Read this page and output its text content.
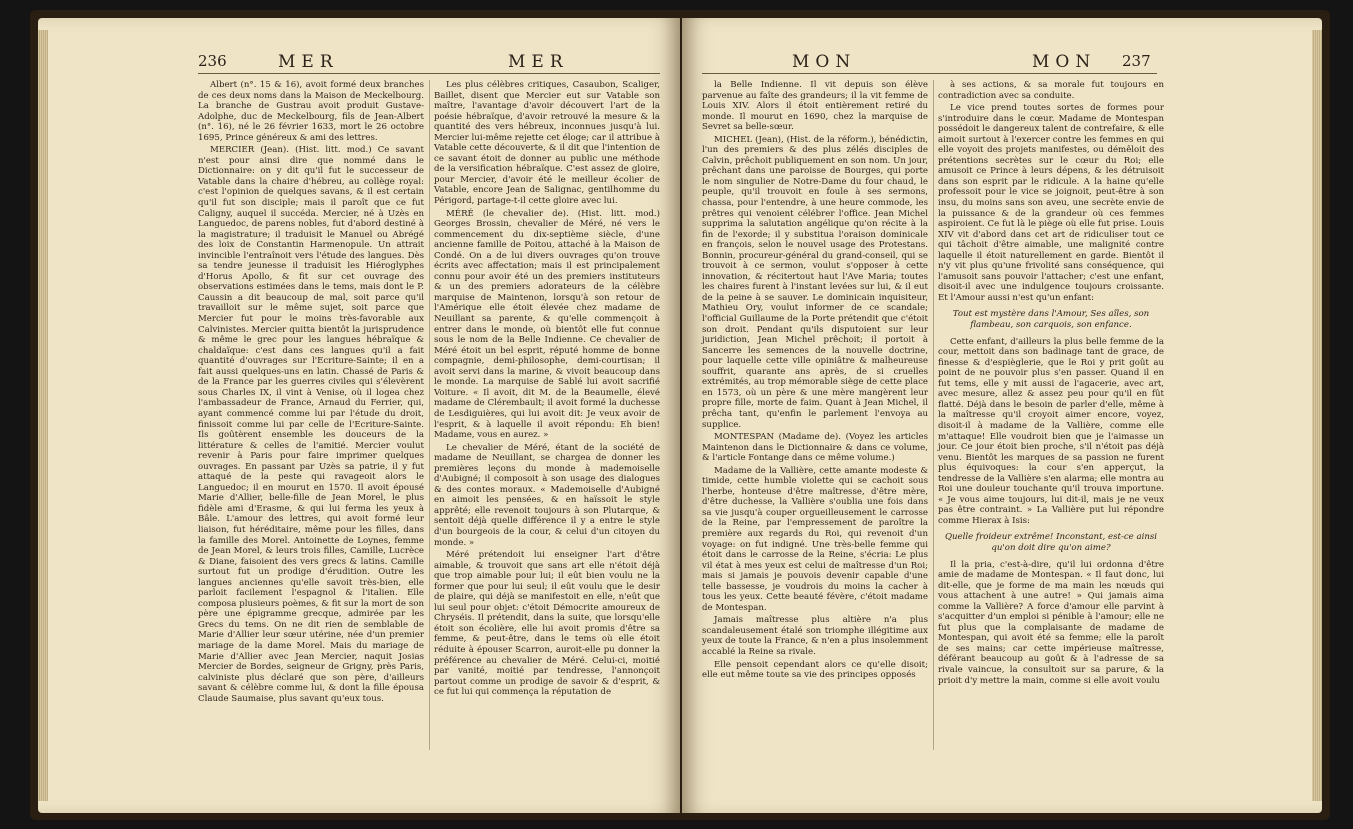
236	MER	MER

Albert (n°. 15 & 16), avoit formé deux branches de ces deux noms dans la Maison de Meckelbourg. La branche de Gustrau avoit produit Gustave-Adolphe, duc de Meckelbourg, fils de Jean-Albert (n°. 16), né le 26 février 1633, mort le 26 octobre 1695, Prince généreux & ami des lettres.

MERCIER (Jean). (Hist. litt. mod.) Ce savant n'est pour ainsi dire que nommé dans le Dictionnaire: on y dit qu'il fut le successeur de Vatable dans la chaire d'hébreu, au collège royal: c'est l'opinion de quelques savans, & il est certain qu'il fut son disciple; mais il paroît que ce fut Caligny, auquel il succéda. Mercier, né à Uzès en Languedoc, de parens nobles, fut d'abord destiné à la magistrature; il traduisit le Manuel ou Abrégé des loix de Constantin Harmenopule. Un attrait invincible l'entraînoit vers l'étude des langues. Dès sa tendre jeunesse il traduisit les Hiéroglyphes d'Horus Apollo, & fit sur cet ouvrage des observations estimées dans le tems, mais dont le P. Caussin a dit beaucoup de mal, soit parce qu'il travailloit sur le même sujet, soit parce que Mercier fut pour le moins très-favorable aux Calvinistes. Mercier quitta bientôt la jurisprudence & même le grec pour les langues hébraïque & chaldaïque: c'est dans ces langues qu'il a fait quantité d'ouvrages sur l'Ecriture-Sainte; il en a fait aussi quelques-uns en latin. Chassé de Paris & de la France par les guerres civiles qui s'élevèrent sous Charles IX, il vint à Venise, où il logea chez l'ambassadeur de France, Arnaud du Ferrier, qui, ayant commencé comme lui par l'étude du droit, finissoit comme lui par celle de l'Ecriture-Sainte. Ils goûtèrent ensemble les douceurs de la littérature & celles de l'amitié. Mercier voulut revenir à Paris pour faire imprimer quelques ouvrages. En passant par Uzès sa patrie, il y fut attaqué de la peste qui ravageoit alors le Languedoc; il en mourut en 1570. Il avoit épousé Marie d'Allier, belle-fille de Jean Morel, le plus fidèle ami d'Erasme, & qui lui ferma les yeux à Bâle. L'amour des lettres, qui avoit formé leur liaison, fut héréditaire, même pour les filles, dans la famille des Morel. Antoinette de Loynes, femme de Jean Morel, & leurs trois filles, Camille, Lucrèce & Diane, faisoient des vers grecs & latins. Camille surtout fut un prodige d'érudition. Outre les langues anciennes qu'elle savoit très-bien, elle parloit facilement l'espagnol & l'italien. Elle composa plusieurs poèmes, & fit sur la mort de son père une épigramme grecque, admirée par les Grecs du tems. On ne dit rien de semblable de Marie d'Allier leur sœur utérine, née d'un premier mariage de la dame Morel. Mais du mariage de Marie d'Allier avec Jean Mercier, naquit Josias Mercier de Bordes, seigneur de Grigny, près Paris, calviniste plus déclaré que son père, d'ailleurs savant & célèbre comme lui, & dont la fille épousa Claude Saumaise, plus savant qu'eux tous.

Les plus célèbres critiques, Casaubon, Scaliger, Baillet, disent que Mercier eut sur Vatable son maître, l'avantage d'avoir découvert l'art de la poésie hébraïque, d'avoir retrouvé la mesure & la quantité des vers hébreux, inconnues jusqu'à lui. Mercier lui-même rejette cet éloge; car il attribue à Vatable cette découverte, & il dit que l'intention de ce savant étoit de donner au public une méthode de la versification hébraïque. C'est assez de gloire, pour Mercier, d'avoir été le meilleur écolier de Vatable, encore Jean de Salignac, gentilhomme du Périgord, partage-t-il cette gloire avec lui.

MÉRÉ (le chevalier de). (Hist. litt. mod.) Georges Brossin, chevalier de Méré, né vers le commencement du dix-septième siècle, d'une ancienne famille de Poitou, attaché à la Maison de Condé. On a de lui divers ouvrages qu'on trouve écrits avec affectation; mais il est principalement connu pour avoir été un des premiers instituteurs & un des premiers adorateurs de la célèbre marquise de Maintenon, lorsqu'à son retour de l'Amérique elle étoit élevée chez madame de Neuillant sa parente, & qu'elle commençoit à entrer dans le monde, où bientôt elle fut connue sous le nom de la Belle Indienne. Ce chevalier de Méré étoit un bel esprit, réputé homme de bonne compagnie, demi-philosophe, demi-courtisan; il avoit servi dans la marine, & vivoit beaucoup dans le monde. La marquise de Sablé lui avoit sacrifié Voiture. « Il avoit, dit M. de la Beaumelle, élevé madame de Clérembault; il avoit formé la duchesse de Lesdiguières, qui lui avoit dit: Je veux avoir de l'esprit, & à laquelle il avoit répondu: Eh bien! Madame, vous en aurez. »

Le chevalier de Méré, étant de la société de madame de Neuillant, se chargea de donner les premières leçons du monde à mademoiselle d'Aubigné; il composoit à son usage des dialogues & des contes moraux. « Mademoiselle d'Aubigné en aimoit les pensées, & en haïssoit le style apprêté; elle revenoit toujours à son Plutarque, & sentoit déjà quelle différence il y a entre le style d'un bourgeois de la cour, & celui d'un citoyen du monde. »

Méré prétendoit lui enseigner l'art d'être aimable, & trouvoit que sans art elle n'étoit déjà que trop aimable pour lui; il eût bien voulu ne la former que pour lui seul; il eût voulu que le desir de plaire, qui déjà se manifestoit en elle, n'eût que lui seul pour objet: c'étoit Démocrite amoureux de Chryséis. Il prétendit, dans la suite, que lorsqu'elle étoit son écolière, elle lui avoit promis d'être sa femme, & peut-être, dans le tems où elle étoit réduite à épouser Scarron, auroit-elle pu donner la préférence au chevalier de Méré. Celui-ci, moitié par vanité, moitié par tendresse, l'annonçoit partout comme un prodige de savoir & d'esprit, & ce fut lui qui commença la réputation de

MON	MON 237

la Belle Indienne. Il vit depuis son élève parvenue au faîte des grandeurs; il la vit femme de Louis XIV. Alors il étoit entièrement retiré du monde. Il mourut en 1690, chez la marquise de Sevret sa belle-sœur.

MICHEL (Jean), (Hist. de la réform.), bénédictin, l'un des premiers & des plus zélés disciples de Calvin, prêchoit publiquement en son nom. Un jour, prêchant dans une paroisse de Bourges, qui porte le nom singulier de Notre-Dame du four chaud, le peuple, qu'il trouvoit en foule à ses sermons, chassa, pour l'entendre, à une heure commode, les prêtres qui venoient célébrer l'office. Jean Michel supprima la salutation angélique qu'on récite à la fin de l'exorde; il y substitua l'oraison dominicale en françois, selon le nouvel usage des Protestans. Bonnin, procureur-général du grand-conseil, qui se trouvoit à ce sermon, voulut s'opposer à cette innovation, & récitertout haut l'Ave Maria; toutes les chaires furent à l'instant levées sur lui, & il eut de la peine à se sauver. Le dominicain inquisiteur, Mathieu Ory, voulut informer de ce scandale; l'official Guillaume de la Porte prétendit que c'étoit son droit. Pendant qu'ils disputoient sur leur juridiction, Jean Michel prêchoit; il portoit à Sancerre les semences de la nouvelle doctrine, pour laquelle cette ville opiniâtre & malheureuse souffrit, quarante ans après, de si cruelles extrémités, au trop mémorable siège de cette place en 1573, où un père & une mère mangèrent leur propre fille, morte de faim. Quant à Jean Michel, il prêcha tant, qu'enfin le parlement l'envoya au supplice.

MONTESPAN (Madame de). (Voyez les articles Maintenon dans le Dictionnaire & dans ce volume, & l'article Fontange dans ce même volume.)

Madame de la Vallière, cette amante modeste & timide, cette humble violette qui se cachoit sous l'herbe, honteuse d'être maîtresse, d'être mère, d'être duchesse, la Vallière s'oublia une fois dans sa vie jusqu'à couper orgueilleusement le carrosse de la Reine, par l'empressement de paroître la première aux regards du Roi, qui revenoit d'un voyage: on fut indigné. Une très-belle femme qui étoit dans le carrosse de la Reine, s'écria: Le plus vil état à mes yeux est celui de maîtresse d'un Roi; mais si jamais je pouvois devenir capable d'une telle bassesse, je voudrois du moins la cacher à tous les yeux. Cette beauté févère, c'étoit madame de Montespan.

Jamais maîtresse plus altière n'a plus scandaleusement étalé son triomphe illégitime aux yeux de toute la France, & n'en a plus insolemment accablé la Reine sa rivale.

Elle pensoit cependant alors ce qu'elle disoit; elle eut même toute sa vie des principes opposés

à ses actions, & sa morale fut toujours en contradiction avec sa conduite.

Le vice prend toutes sortes de formes pour s'introduire dans le cœur. Madame de Montespan possédoit le dangereux talent de contrefaire, & elle aimoit surtout à l'exercer contre les femmes en qui elle voyoit des projets manifestes, ou démêloit des prétentions secrètes sur le cœur du Roi; elle amusoit ce Prince à leurs dépens, & les détruisoit dans son esprit par le ridicule. A la haine qu'elle professoit pour le vice se joignoit, peut-être à son insu, du moins sans son aveu, une secrète envie de la puissance & de la grandeur où ces femmes aspiroient. Ce fut là le piège où elle fut prise. Louis XIV vit d'abord dans cet art de ridiculiser tout ce qui tâchoit d'être aimable, une malignité contre laquelle il étoit naturellement en garde. Bientôt il n'y vit plus qu'une frivolité sans conséquence, qui l'amusoit sans pouvoir l'attacher; c'est une enfant, disoit-il avec une indulgence toujours croissante. Et l'Amour aussi n'est qu'un enfant:

Tout est mystère dans l'Amour, Ses aîles, son flambeau, son carquois, son enfance.

Cette enfant, d'ailleurs la plus belle femme de la cour, mettoit dans son badinage tant de grace, de finesse & d'espièglerie, que le Roi y prit goût au point de ne pouvoir plus s'en passer. Quand il en fut tems, elle y mit aussi de l'agacerie, avec art, avec mesure, allez & assez peu pour qu'il en fût flatté. Déjà dans le besoin de parler d'elle, même à la maîtresse qu'il croyoit aimer encore, voyez, disoit-il à madame de la Vallière, comme elle m'attaque! Elle voudroit bien que je l'aimasse un jour. Ce jour étoit bien proche, s'il n'étoit pas déjà venu. Bientôt les marques de sa passion ne furent plus équivoques: la cour s'en apperçut, la tendresse de la Vallière s'en alarma; elle montra au Roi une douleur touchante qu'il trouva importune. « Je vous aime toujours, lui dit-il, mais je ne veux pas être contraint. » La Vallière put lui répondre comme Hierax à Isis:

Quelle froideur extrême! Inconstant, est-ce ainsi qu'on doit dire qu'on aime?

Il la pria, c'est-à-dire, qu'il lui ordonna d'être amie de madame de Montespan. « Il faut donc, lui dit-elle, que je forme de ma main les nœuds qui vous attachent à une autre! » Qui jamais aima comme la Vallière? A force d'amour elle parvint à s'acquitter d'un emploi si pénible à l'amour; elle ne fut plus que la complaisante de madame de Montespan, qui avoit été sa femme; elle la paroît de ses mains; car cette impérieuse maîtresse, déférant beaucoup au goût & à l'adresse de sa rivale vaincue, la consultoit sur sa parure, & la prioit d'y mettre la main, comme si elle avoit voulu
